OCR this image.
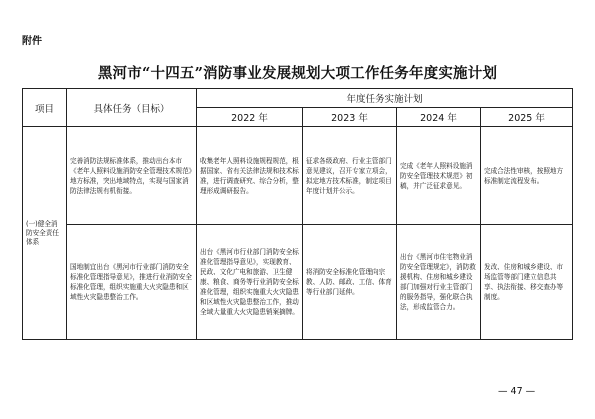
附件
黑河市“十四五”消防事业发展规划大项工作任务年度实施计划
项目	具体任务（目标）	年度任务实施计划			
		2022 年	2023 年	2024 年	2025 年
(一)健全消防安全责任体系	完善消防法规标准体系，推动出台本市《老年人照料设施消防安全管理技术规范》地方标准，突出地域特点，实现与国家消防法律法规有机衔接。	收集老年人照料设施规程规范，根据国家、省有关法律法规和技术标准，进行调查研究、综合分析，整理形成调研报告。	征求各级政府、行业主管部门意见建议，召开专家立项会，拟定地方技术标准，制定项目年度计划并公示。	完成《老年人照料设施消防安全管理技术规范》初稿，并广泛征求意见。	完成合法性审核，按照地方标准制定流程发布。
	国地制宜出台《黑河市行业部门消防安全标准化管理指导意见》，推进行业消防安全标准化管理，组织实施重大火灾隐患和区域性火灾隐患整治工作。	出台《黑河市行业部门消防安全标准化管理指导意见》，实现教育、民政、文化广电和旅游、卫生健康、粮食、商务等行业消防安全标准化管理，组织实施重大火灾隐患和区域性火灾隐患整治工作，推动全域大量重大火灾隐患销案摘牌。	将消防安全标准化管理向宗教、人防、邮政、工信、体育等行业部门延伸。	出台《黑河市住宅物业消防安全管理规定》，消防救援机构、住房和城乡建设部门加强对行业主管部门的服务指导，强化联合执法，形成监管合力。	发改、住房和城乡建设、市场监管等部门建立信息共享、执法衔接、移交查办等制度。
— 47 —
